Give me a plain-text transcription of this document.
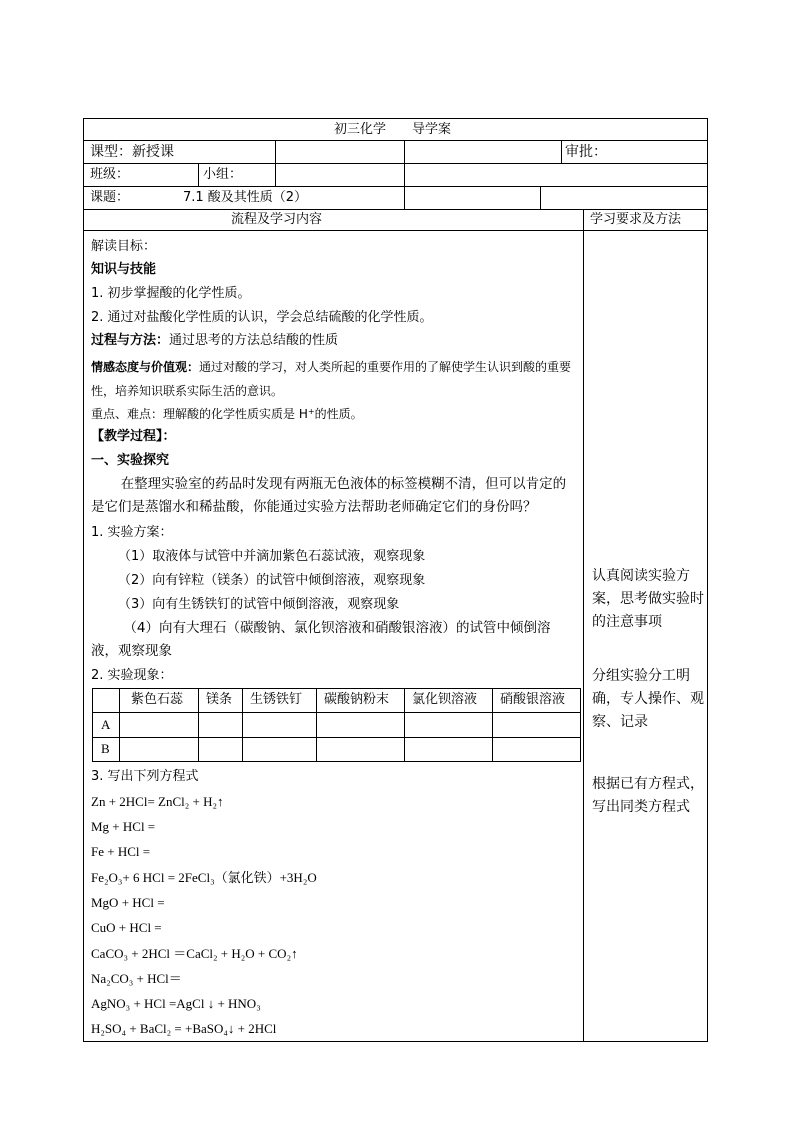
初三化学　　导学案
课型：新授课	审批：
班级：	小组：
课题：	7.1 酸及其性质（2）
流程及学习内容	学习要求及方法
解读目标：
知识与技能
1. 初步掌握酸的化学性质。
2. 通过对盐酸化学性质的认识，学会总结硫酸的化学性质。
过程与方法：通过思考的方法总结酸的性质
情感态度与价值观：通过对酸的学习，对人类所起的重要作用的了解使学生认识到酸的重要性，培养知识联系实际生活的意识。
重点、难点：理解酸的化学性质实质是 H+的性质。
【教学过程】：
一、实验探究
在整理实验室的药品时发现有两瓶无色液体的标签模糊不清，但可以肯定的是它们是蒸馏水和稀盐酸，你能通过实验方法帮助老师确定它们的身份吗？
1. 实验方案：
（1）取液体与试管中并滴加紫色石蕊试液，观察现象
（2）向有锌粒（镁条）的试管中倾倒溶液，观察现象
（3）向有生锈铁钉的试管中倾倒溶液，观察现象
（4）向有大理石（碳酸钠、氯化钡溶液和硝酸银溶液）的试管中倾倒溶液，观察现象
2. 实验现象：
紫色石蕊 镁条 生锈铁钉 碳酸钠粉末 氯化钡溶液 硝酸银溶液
A
B
3. 写出下列方程式
Zn + 2HCl= ZnCl₂ + H₂↑
Mg + HCl =
Fe + HCl =
Fe₂O₃+ 6 HCl = 2FeCl₃（氯化铁）+3H₂O
MgO + HCl =
CuO + HCl =
CaCO₃ + 2HCl ＝CaCl₂ + H₂O + CO₂↑
Na₂CO₃ + HCl＝
AgNO₃ + HCl =AgCl ↓ + HNO₃
H₂SO₄ + BaCl₂ = +BaSO₄↓ + 2HCl
认真阅读实验方案，思考做实验时的注意事项
分组实验分工明确，专人操作、观察、记录
根据已有方程式，写出同类方程式
